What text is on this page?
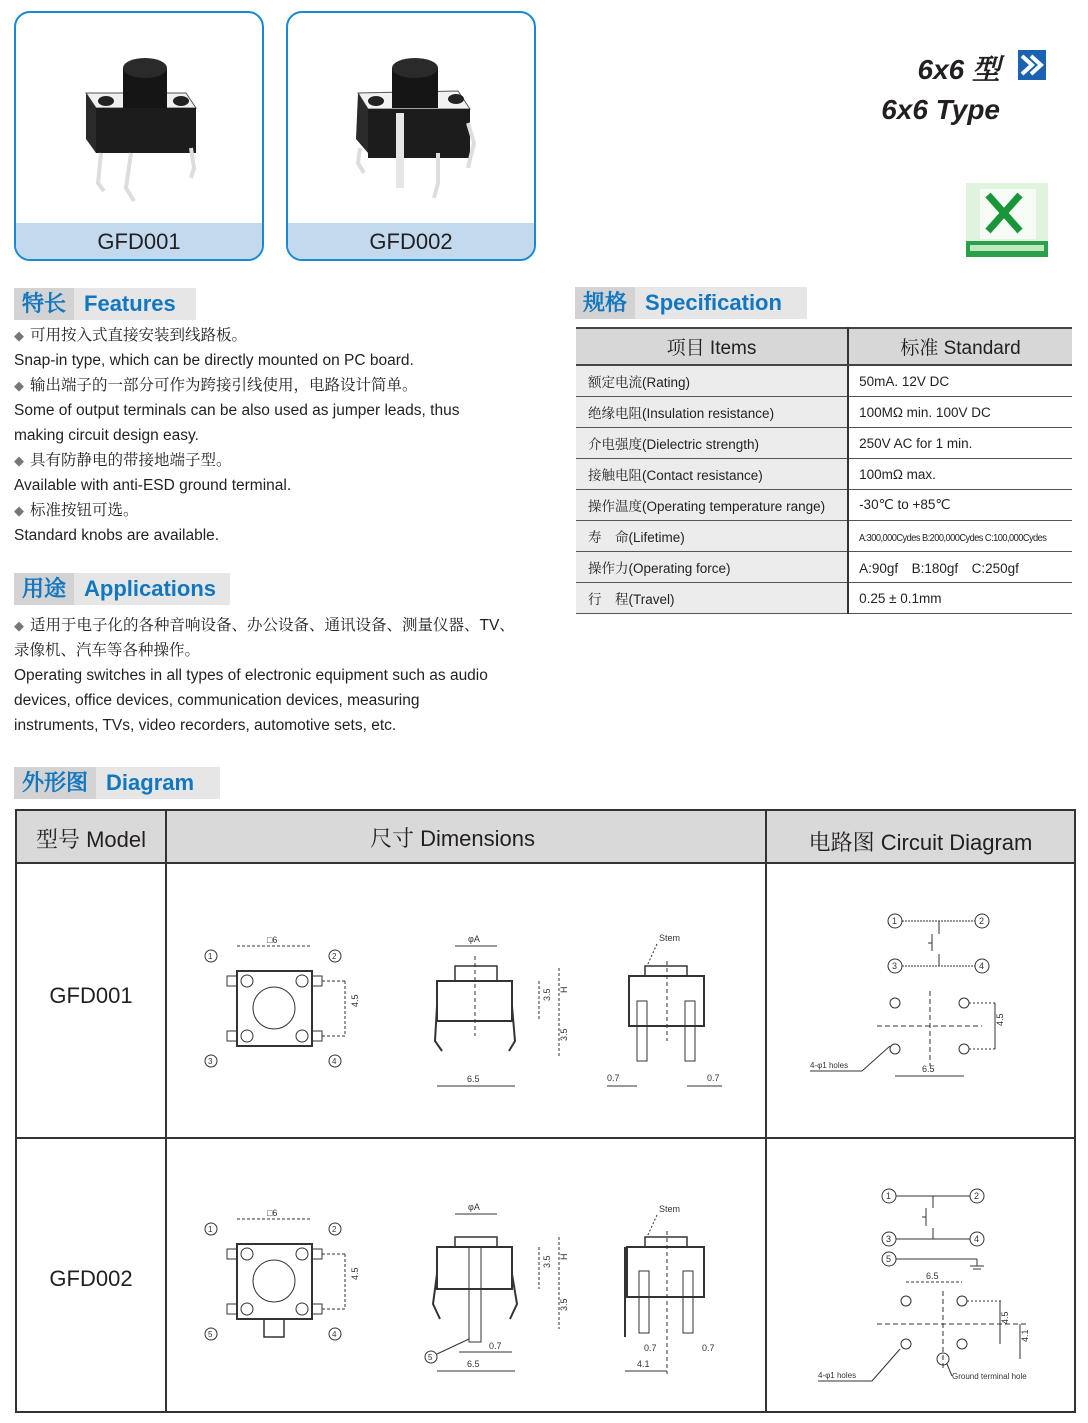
GFD001	GFD002
6x6 型
6x6 Type
特长 Features
◆ 可用按入式直接安装到线路板。
Snap-in type, which can be directly mounted on PC board.
◆ 输出端子的一部分可作为跨接引线使用，电路设计简单。
Some of output terminals can be also used as jumper leads, thus
making circuit design easy.
◆ 具有防静电的带接地端子型。
Available with anti-ESD ground terminal.
◆ 标准按钮可选。
Standard knobs are available.
用途 Applications
◆ 适用于电子化的各种音响设备、办公设备、通讯设备、测量仪器、TV、
录像机、汽车等各种操作。
Operating switches in all types of electronic equipment such as audio
devices, office devices, communication devices, measuring
instruments, TVs, video recorders, automotive sets, etc.
规格 Specification
项目 Items	标准 Standard
额定电流(Rating)	50mA. 12V DC
绝缘电阻(Insulation resistance)	100MΩ min. 100V DC
介电强度(Dielectric strength)	250V AC for 1 min.
接触电阻(Contact resistance)	100mΩ max.
操作温度(Operating temperature range)	-30℃ to +85℃
寿　命(Lifetime)	A:300,000Cydes B:200,000Cydes C:100,000Cydes
操作力(Operating force)	A:90gf　B:180gf　C:250gf
行　程(Travel)	0.25 ± 0.1mm
外形图 Diagram
型号 Model	尺寸 Dimensions	电路图 Circuit Diagram
GFD001
GFD002
□6
4.5
1	2
3	4
φA
6.5
3.5 H
3.5
Stem
0.7	0.7
1	2
3	4
4.5
6.5
4-φ1 holes
□6
4.5
1	2
5	4
φA
6.5
0.7
5
3.5 H
3.5
Stem
0.7	0.7
4.1
1	2
3	4
5
6.5
4.5
4.1
4-φ1 holes	Ground terminal hole
